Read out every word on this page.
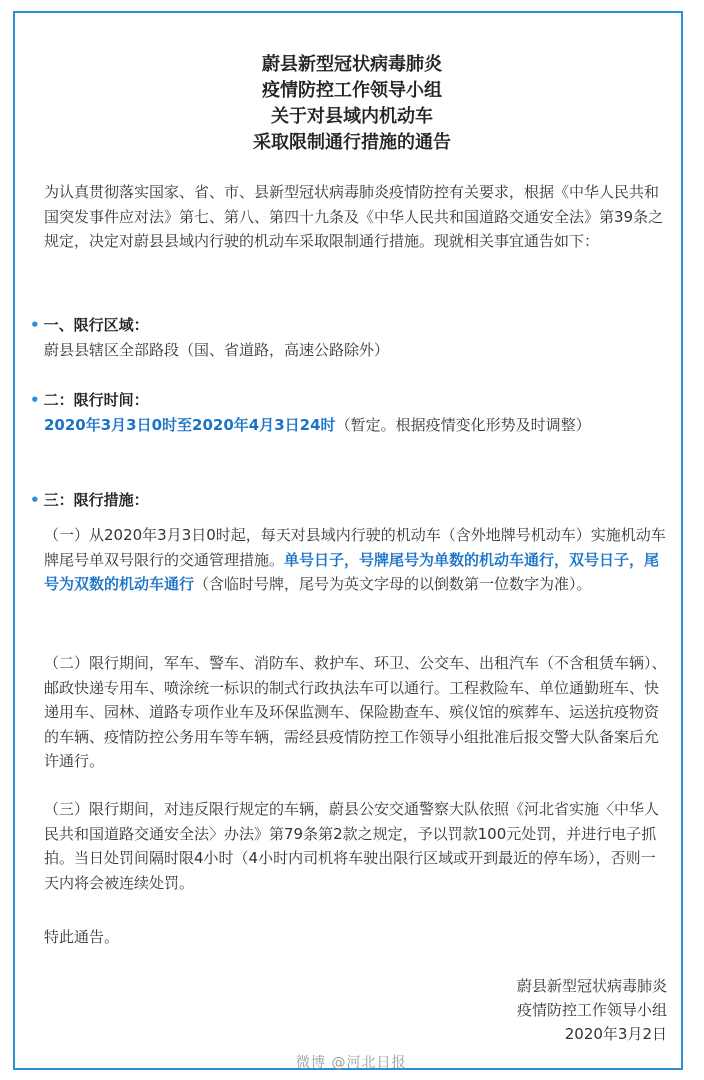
蔚县新型冠状病毒肺炎
疫情防控工作领导小组
关于对县域内机动车
采取限制通行措施的通告
为认真贯彻落实国家、省、市、县新型冠状病毒肺炎疫情防控有关要求，根据《中华人民共和国突发事件应对法》第七、第八、第四十九条及《中华人民共和国道路交通安全法》第39条之规定，决定对蔚县县域内行驶的机动车采取限制通行措施。现就相关事宜通告如下：
• 一、限行区域：
蔚县县辖区全部路段（国、省道路，高速公路除外）
• 二：限行时间：
2020年3月3日0时至2020年4月3日24时（暂定。根据疫情变化形势及时调整）
• 三：限行措施：
（一）从2020年3月3日0时起，每天对县域内行驶的机动车（含外地牌号机动车）实施机动车牌尾号单双号限行的交通管理措施。单号日子，号牌尾号为单数的机动车通行，双号日子，尾号为双数的机动车通行（含临时号牌，尾号为英文字母的以倒数第一位数字为准）。
（二）限行期间，军车、警车、消防车、救护车、环卫、公交车、出租汽车（不含租赁车辆）、邮政快递专用车、喷涂统一标识的制式行政执法车可以通行。工程救险车、单位通勤班车、快递用车、园林、道路专项作业车及环保监测车、保险勘查车、殡仪馆的殡葬车、运送抗疫物资的车辆、疫情防控公务用车等车辆，需经县疫情防控工作领导小组批准后报交警大队备案后允许通行。
（三）限行期间，对违反限行规定的车辆，蔚县公安交通警察大队依照《河北省实施〈中华人民共和国道路交通安全法〉办法》第79条第2款之规定，予以罚款100元处罚，并进行电子抓拍。当日处罚间隔时限4小时（4小时内司机将车驶出限行区域或开到最近的停车场），否则一天内将会被连续处罚。
特此通告。
蔚县新型冠状病毒肺炎
疫情防控工作领导小组
2020年3月2日
微博 @河北日报
